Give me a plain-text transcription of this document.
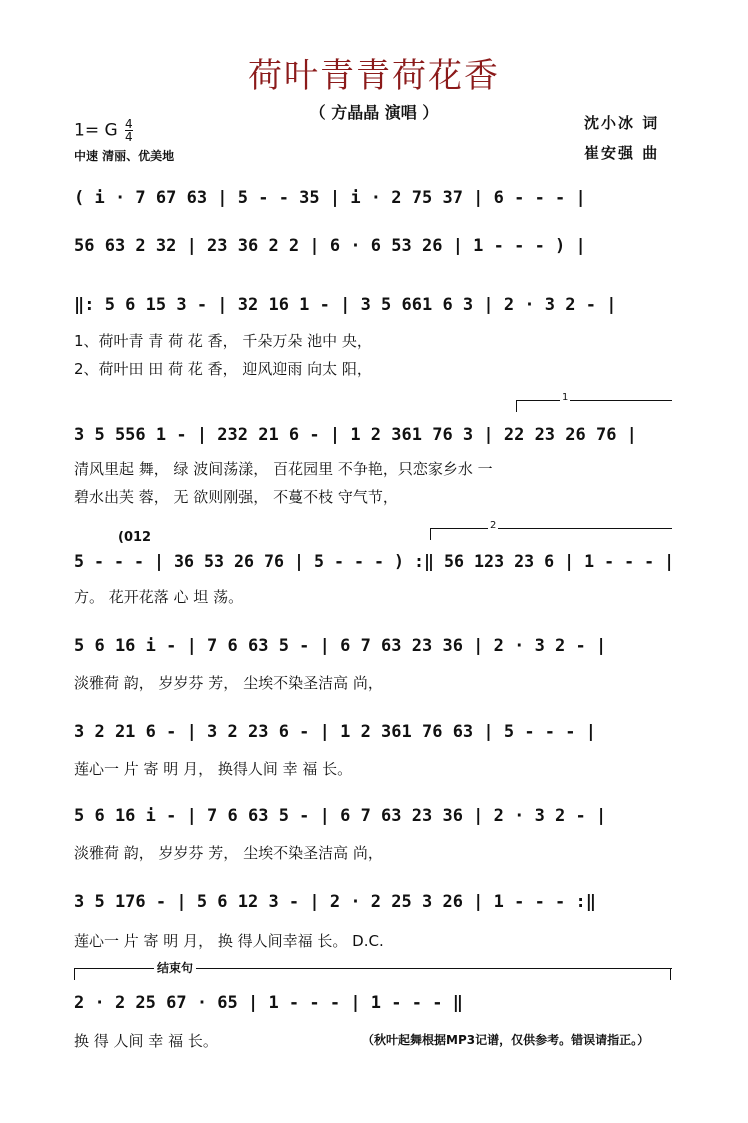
荷叶青青荷花香
（ 方晶晶 演唱 ）
1= G $\frac{4}{4}$
中速 清丽、优美地
沈小冰 词
崔安强 曲
( i · 7 67 63 | 5 - - 35 | i · 2 75 37 | 6 - - - |
56 63 2 32 | 23 36 2 2 | 6 · 6 53 26 | 1 - - - ) |
‖: 5 6 15 3 - | 32 16 1 - | 3 5 661 6 3 | 2 · 3 2 - |
1、荷叶青 青 荷 花 香， 千朵万朵 池中 央，
2、荷叶田 田 荷 花 香， 迎风迎雨 向太 阳，
1
3 5 556 1 - | 232 21 6 - | 1 2 361 76 3 | 22 23 26 76 |
清风里起 舞， 绿 波间荡漾， 百花园里 不争艳，只恋家乡水 一
碧水出芙 蓉， 无 欲则刚强， 不蔓不枝 守气节，
(012
2
5 - - - | 36 53 26 76 | 5 - - - ) :‖ 56 123 23 6 | 1 - - - |
方。 花开花落 心 坦 荡。
5 6 16 i - | 7 6 63 5 - | 6 7 63 23 36 | 2 · 3 2 - |
淡雅荷 韵， 岁岁芬 芳， 尘埃不染圣洁高 尚，
3 2 21 6 - | 3 2 23 6 - | 1 2 361 76 63 | 5 - - - |
莲心一 片 寄 明 月， 换得人间 幸 福 长。
5 6 16 i - | 7 6 63 5 - | 6 7 63 23 36 | 2 · 3 2 - |
淡雅荷 韵， 岁岁芬 芳， 尘埃不染圣洁高 尚，
3 5 176 - | 5 6 12 3 - | 2 · 2 25 3 26 | 1 - - - :‖
莲心一 片 寄 明 月， 换 得人间幸福 长。 D.C.
结束句
2 · 2 25 67 · 65 | 1 - - - | 1 - - - ‖
换 得 人间 幸 福 长。	（秋叶起舞根据MP3记谱，仅供参考。错误请指正。）
